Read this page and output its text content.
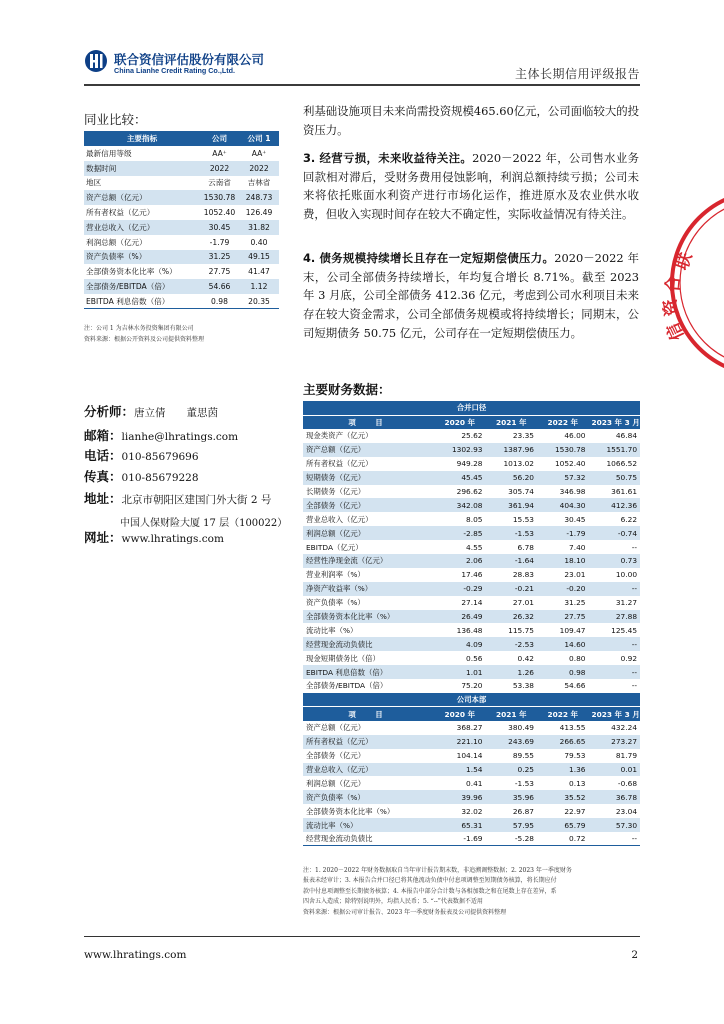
联合资信评估股份有限公司
China Lianhe Credit Rating Co.,Ltd.	主体长期信用评级报告
同业比较：
主要指标	公司	公司 1
最新信用等级	AA⁺	AA⁺
数据时间	2022	2022
地区	云南省	吉林省
资产总额（亿元）	1530.78	248.73
所有者权益（亿元）	1052.40	126.49
营业总收入（亿元）	30.45	31.82
利润总额（亿元）	-1.79	0.40
资产负债率（%）	31.25	49.15
全部债务资本化比率（%）	27.75	41.47
全部债务/EBITDA（倍）	54.66	1.12
EBITDA 利息倍数（倍）	0.98	20.35
注：公司 1 为吉林水务投资集团有限公司
资料来源：根据公开资料及公司提供资料整理
分析师：唐立倩　　董思茵
邮箱：lianhe@lhratings.com
电话：010-85679696
传真：010-85679228
地址：北京市朝阳区建国门外大街 2 号
中国人保财险大厦 17 层（100022）
网址：www.lhratings.com
利基础设施项目未来尚需投资规模465.60亿元，公司面临较大的投资压力。
3. 经营亏损，未来收益待关注。2020－2022 年，公司售水业务回款相对滞后，受财务费用侵蚀影响，利润总额持续亏损；公司未来将依托账面水利资产进行市场化运作，推进原水及农业供水收费，但收入实现时间存在较大不确定性，实际收益情况有待关注。
4. 债务规模持续增长且存在一定短期偿债压力。2020－2022 年末，公司全部债务持续增长，年均复合增长 8.71%。截至 2023 年 3 月底，公司全部债务 412.36 亿元，考虑到公司水利项目未来存在较大资金需求，公司全部债务规模或将持续增长；同期末，公司短期债务 50.75 亿元，公司存在一定短期偿债压力。
主要财务数据：
合并口径				
项　目	2020 年	2021 年	2022 年	2023 年 3 月
现金类资产（亿元）	25.62	23.35	46.00	46.84
资产总额（亿元）	1302.93	1387.96	1530.78	1551.70
所有者权益（亿元）	949.28	1013.02	1052.40	1066.52
短期债务（亿元）	45.45	56.20	57.32	50.75
长期债务（亿元）	296.62	305.74	346.98	361.61
全部债务（亿元）	342.08	361.94	404.30	412.36
营业总收入（亿元）	8.05	15.53	30.45	6.22
利润总额（亿元）	-2.85	-1.53	-1.79	-0.74
EBITDA（亿元）	4.55	6.78	7.40	--
经营性净现金流（亿元）	2.06	-1.64	18.10	0.73
营业利润率（%）	17.46	28.83	23.01	10.00
净资产收益率（%）	-0.29	-0.21	-0.20	--
资产负债率（%）	27.14	27.01	31.25	31.27
全部债务资本化比率（%）	26.49	26.32	27.75	27.88
流动比率（%）	136.48	115.75	109.47	125.45
经营现金流动负债比	4.09	-2.53	14.60	--
现金短期债务比（倍）	0.56	0.42	0.80	0.92
EBITDA 利息倍数（倍）	1.01	1.26	0.98	--
全部债务/EBITDA（倍）	75.20	53.38	54.66	--
公司本部				
项　目	2020 年	2021 年	2022 年	2023 年 3 月
资产总额（亿元）	368.27	380.49	413.55	432.24
所有者权益（亿元）	221.10	243.69	266.65	273.27
全部债务（亿元）	104.14	89.55	79.53	81.79
营业总收入（亿元）	1.54	0.25	1.36	0.01
利润总额（亿元）	0.41	-1.53	0.13	-0.68
资产负债率（%）	39.96	35.96	35.52	36.78
全部债务资本化比率（%）	32.02	26.87	22.97	23.04
流动比率（%）	65.31	57.95	65.79	57.30
经营现金流动负债比	-1.69	-5.28	0.72	--
注：1. 2020－2022 年财务数据取自当年审计报告期末数，非追溯调整数据；2. 2023 年一季度财务
报表未经审计；3. 本报告合并口径已将其他流动负债中付息项调整至短期债务核算，将长期应付
款中付息项调整至长期债务核算；4. 本报告中部分合计数与各相加数之和在尾数上存在差异，系
四舍五入造成；除特别说明外，均指人民币；5. “--”代表数据不适用
资料来源：根据公司审计报告、2023 年一季度财务报表及公司提供资料整理
联
合
资
信
www.lhratings.com	2
